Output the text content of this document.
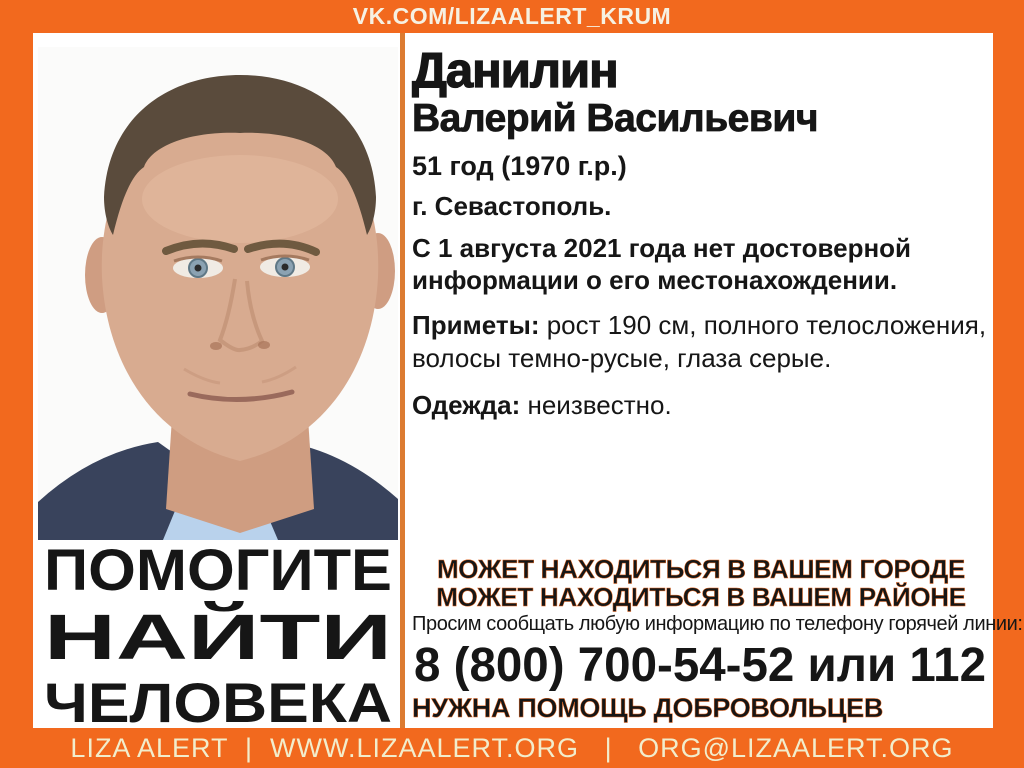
VK.COM/LIZAALERT_KRUM
ПОМОГИТЕ
НАЙТИ
ЧЕЛОВЕКА
Данилин
Валерий Васильевич
51 год (1970 г.р.)
г. Севастополь.
С 1 августа 2021 года нет достоверной информации о его местонахождении.
Приметы: рост 190 см, полного телосложения, волосы темно-русые, глаза серые.
Одежда: неизвестно.
МОЖЕТ НАХОДИТЬСЯ В ВАШЕМ ГОРОДЕ
МОЖЕТ НАХОДИТЬСЯ В ВАШЕМ РАЙОНЕ
Просим сообщать любую информацию по телефону горячей линии:
8 (800) 700-54-52 или 112
НУЖНА ПОМОЩЬ ДОБРОВОЛЬЦЕВ
LIZA ALERT  |  WWW.LIZAALERT.ORG   |   ORG@LIZAALERT.ORG
